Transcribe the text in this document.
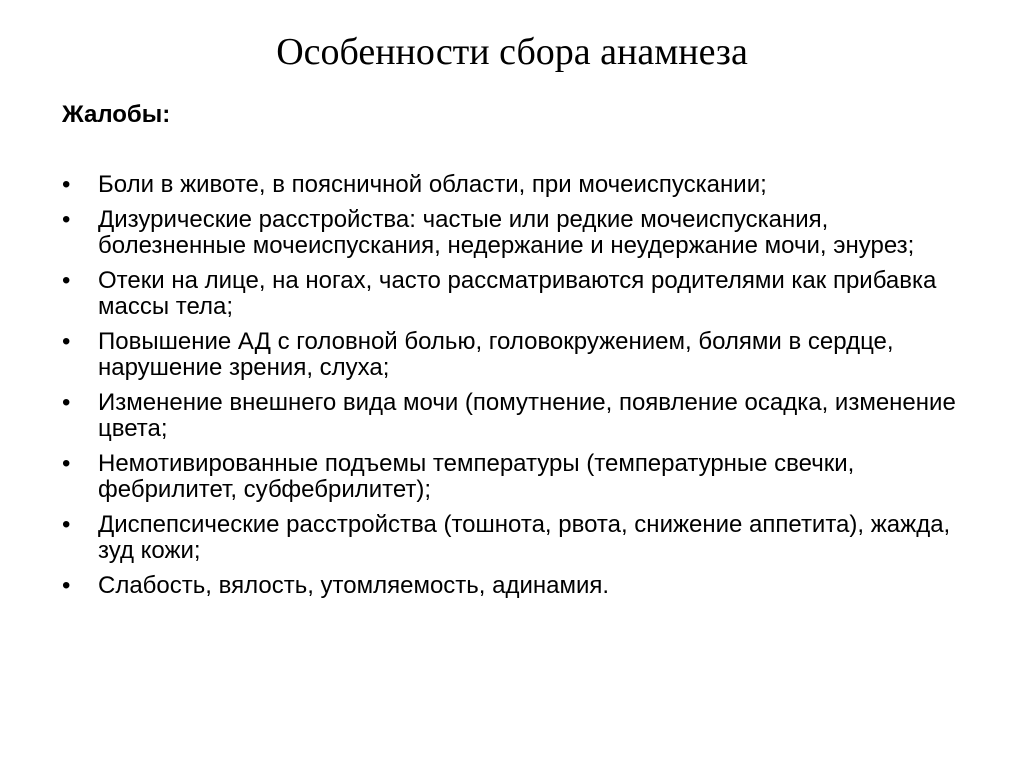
Особенности сбора анамнеза
Жалобы:
•	Боли в животе, в поясничной области, при мочеиспускании;
•	Дизурические расстройства: частые или редкие мочеиспускания, болезненные мочеиспускания, недержание и неудержание мочи, энурез;
•	Отеки на лице, на ногах, часто рассматриваются родителями как прибавка массы тела;
•	Повышение АД с головной болью, головокружением, болями в сердце, нарушение зрения, слуха;
•	Изменение внешнего вида мочи (помутнение, появление осадка, изменение цвета;
•	Немотивированные подъемы температуры (температурные свечки, фебрилитет, субфебрилитет);
•	Диспепсические расстройства (тошнота, рвота, снижение аппетита), жажда, зуд кожи;
•	Слабость, вялость, утомляемость, адинамия.
